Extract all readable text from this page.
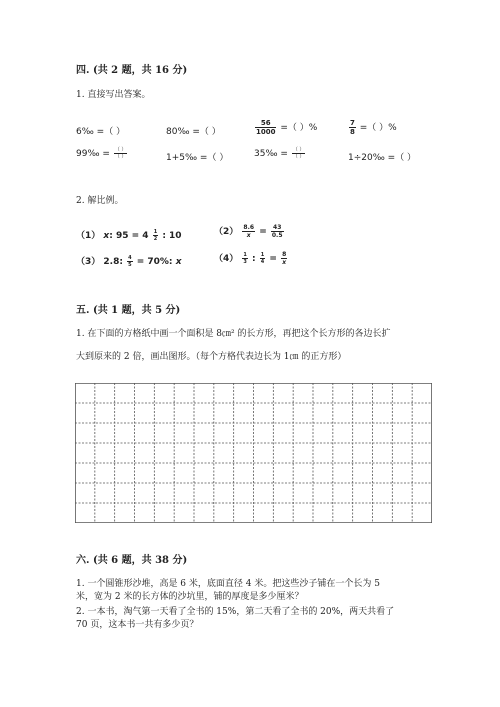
四. (共 2 题，共 16 分)
1. 直接写出答案。
6‰ =（ ）	80‰ =（ ）	$\frac{56}{1000}$ =（ ）%	$\frac{7}{8}$ =（ ）%
99‰ = $\frac{( )}{( )}$	1+5‰ =（ ）	35‰ = $\frac{( )}{( )}$	1÷20‰ =（ ）
2. 解比例。
（1） x: $95 = 4 \frac{1}{2}$ : 10	$(2) \frac{8.6}{x} = \frac{43}{0.5}$
（3） 2.8: $\frac{4}{5} = 70\%$: x	$(4) \frac{1}{3}$ : $\frac{1}{4} = \frac{8}{x}$
五. (共 1 题，共 5 分)
1. 在下面的方格纸中画一个面积是 8㎝² 的长方形，再把这个长方形的各边长扩
大到原来的 2 倍，画出图形。（每个方格代表边长为 1㎝ 的正方形）
六. (共 6 题，共 38 分)
1. 一个圆锥形沙堆，高是 6 米，底面直径 4 米。把这些沙子铺在一个长为 5
米，宽为 2 米的长方体的沙坑里，铺的厚度是多少厘米？
2. 一本书，淘气第一天看了全书的 15%，第二天看了全书的 20%，两天共看了
70 页，这本书一共有多少页？
